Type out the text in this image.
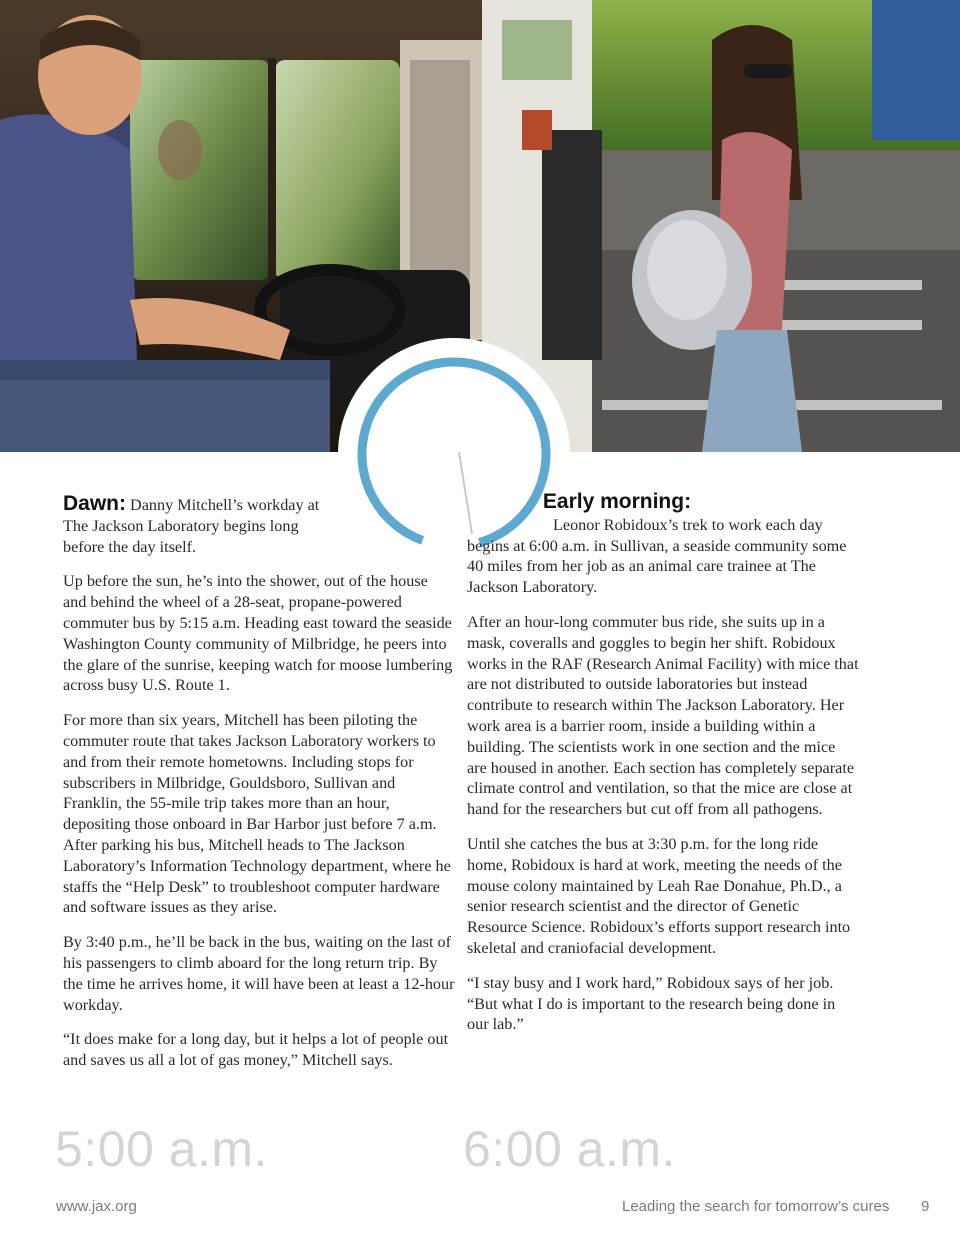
Dawn: Danny Mitchell’s workday at The Jackson Laboratory begins long before the day itself.

Up before the sun, he’s into the shower, out of the house and behind the wheel of a 28-seat, propane-powered commuter bus by 5:15 a.m. Heading east toward the seaside Washington County community of Milbridge, he peers into the glare of the sunrise, keeping watch for moose lumbering across busy U.S. Route 1.

For more than six years, Mitchell has been piloting the commuter route that takes Jackson Laboratory workers to and from their remote hometowns. Including stops for subscribers in Milbridge, Gouldsboro, Sullivan and Franklin, the 55-mile trip takes more than an hour, depositing those onboard in Bar Harbor just before 7 a.m. After parking his bus, Mitchell heads to The Jackson Laboratory’s Information Technology department, where he staffs the “Help Desk” to troubleshoot computer hardware and software issues as they arise.

By 3:40 p.m., he’ll be back in the bus, waiting on the last of his passengers to climb aboard for the long return trip. By the time he arrives home, it will have been at least a 12-hour workday.

“It does make for a long day, but it helps a lot of people out and saves us all a lot of gas money,” Mitchell says.

Early morning:

Leonor Robidoux’s trek to work each day begins at 6:00 a.m. in Sullivan, a seaside community some 40 miles from her job as an animal care trainee at The Jackson Laboratory.

After an hour-long commuter bus ride, she suits up in a mask, coveralls and goggles to begin her shift. Robidoux works in the RAF (Research Animal Facility) with mice that are not distributed to outside laboratories but instead contribute to research within The Jackson Laboratory. Her work area is a barrier room, inside a building within a building. The scientists work in one section and the mice are housed in another. Each section has completely separate climate control and ventilation, so that the mice are close at hand for the researchers but cut off from all pathogens.

Until she catches the bus at 3:30 p.m. for the long ride home, Robidoux is hard at work, meeting the needs of the mouse colony maintained by Leah Rae Donahue, Ph.D., a senior research scientist and the director of Genetic Resource Science. Robidoux’s efforts support research into skeletal and craniofacial development.

“I stay busy and I work hard,” Robidoux says of her job. “But what I do is important to the research being done in our lab.”

5:00 a.m.	6:00 a.m.
www.jax.org	Leading the search for tomorrow’s cures 9
